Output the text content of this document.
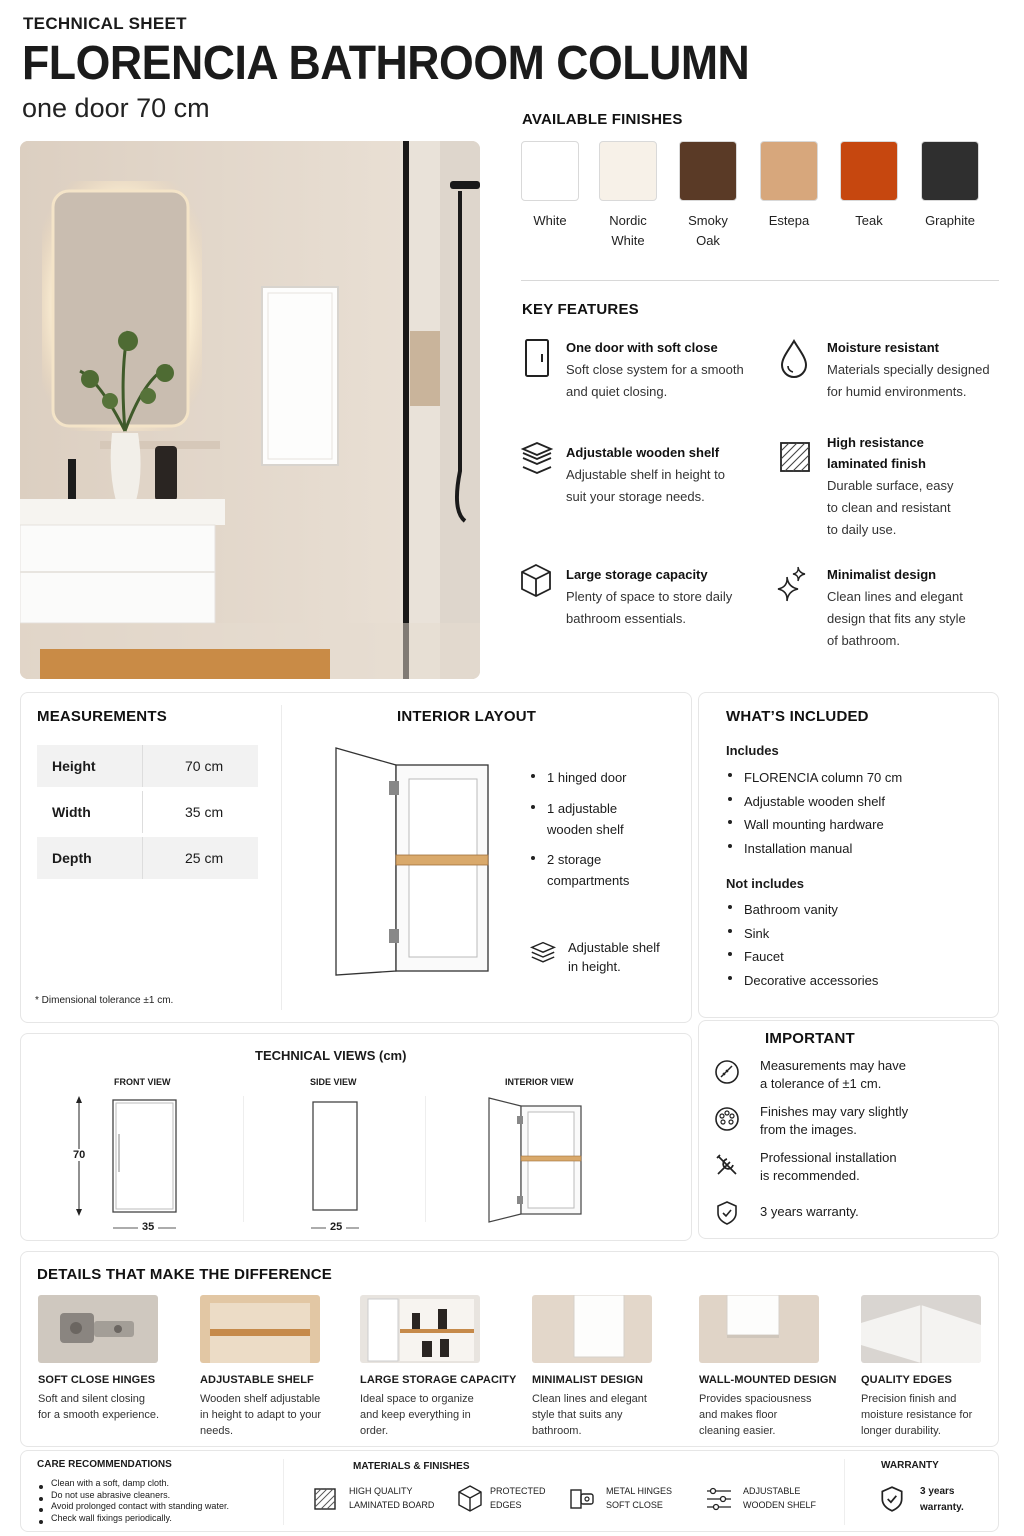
TECHNICAL SHEET
FLORENCIA BATHROOM COLUMN
one door 70 cm	AVAILABLE FINISHES
White	Nordic
White
Smoky
Oak
Estepa	Teak	Graphite
KEY FEATURES
One door with soft close
Soft close system for a smooth
and quiet closing.
Moisture resistant
Materials specially designed
for humid environments.
Adjustable wooden shelf
Adjustable shelf in height to
suit your storage needs.
High resistance
laminated finish
Durable surface, easy
to clean and resistant
to daily use.
Large storage capacity
Plenty of space to store daily
bathroom essentials.
Minimalist design
Clean lines and elegant
design that fits any style
of bathroom.
MEASUREMENTS
Height	70 cm
Width	35 cm
Depth	25 cm
* Dimensional tolerance ±1 cm.
INTERIOR LAYOUT
1 hinged door
1 adjustable
wooden shelf
2 storage
compartments
Adjustable shelf
in height.
WHAT’S INCLUDED
Includes
FLORENCIA column 70 cm
Adjustable wooden shelf
Wall mounting hardware
Installation manual
Not includes
Bathroom vanity
Sink
Faucet
Decorative accessories
TECHNICAL VIEWS (cm)
FRONT VIEW	SIDE VIEW	INTERIOR VIEW
70
35	25
IMPORTANT
Measurements may have
a tolerance of ±1 cm.
Finishes may vary slightly
from the images.
Professional installation
is recommended.
3 years warranty.
DETAILS THAT MAKE THE DIFFERENCE
SOFT CLOSE HINGES
Soft and silent closing
for a smooth experience.
ADJUSTABLE SHELF
Wooden shelf adjustable
in height to adapt to your
needs.
LARGE STORAGE CAPACITY
Ideal space to organize
and keep everything in
order.
MINIMALIST DESIGN
Clean lines and elegant
style that suits any
bathroom.
WALL-MOUNTED DESIGN
Provides spaciousness
and makes floor
cleaning easier.
QUALITY EDGES
Precision finish and
moisture resistance for
longer durability.
CARE RECOMMENDATIONS
Clean with a soft, damp cloth.
Do not use abrasive cleaners.
Avoid prolonged contact with standing water.
Check wall fixings periodically.
MATERIALS & FINISHES
HIGH QUALITY
LAMINATED BOARD
PROTECTED
EDGES
METAL HINGES
SOFT CLOSE
ADJUSTABLE
WOODEN SHELF
WARRANTY
3 years
warranty.
